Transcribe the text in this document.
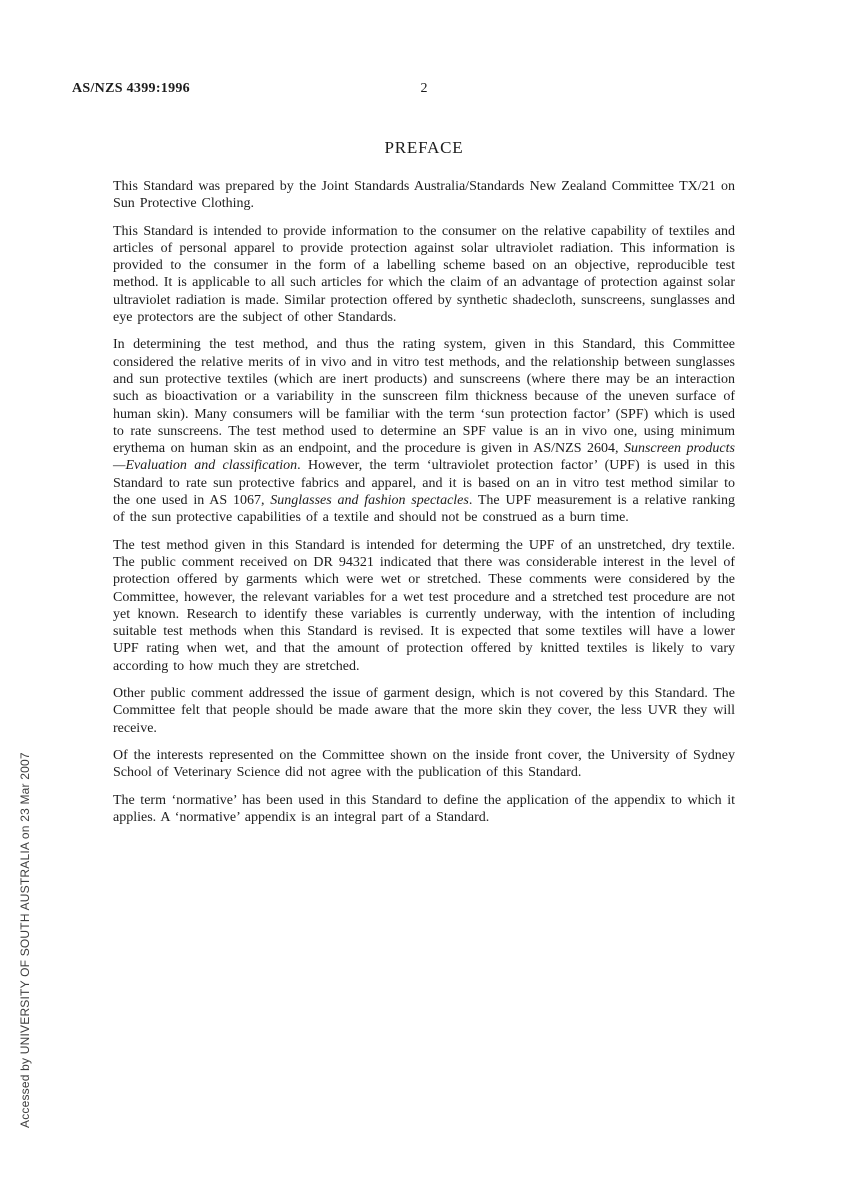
Accessed by UNIVERSITY OF SOUTH AUSTRALIA on 23 Mar 2007
AS/NZS 4399:1996	2
PREFACE

This Standard was prepared by the Joint Standards Australia/Standards New Zealand Committee TX/21 on Sun Protective Clothing.

This Standard is intended to provide information to the consumer on the relative capability of textiles and articles of personal apparel to provide protection against solar ultraviolet radiation. This information is provided to the consumer in the form of a labelling scheme based on an objective, reproducible test method. It is applicable to all such articles for which the claim of an advantage of protection against solar ultraviolet radiation is made. Similar protection offered by synthetic shadecloth, sunscreens, sunglasses and eye protectors are the subject of other Standards.

In determining the test method, and thus the rating system, given in this Standard, this Committee considered the relative merits of in vivo and in vitro test methods, and the relationship between sunglasses and sun protective textiles (which are inert products) and sunscreens (where there may be an interaction such as bioactivation or a variability in the sunscreen film thickness because of the uneven surface of human skin). Many consumers will be familiar with the term ‘sun protection factor’ (SPF) which is used to rate sunscreens. The test method used to determine an SPF value is an in vivo one, using minimum erythema on human skin as an endpoint, and the procedure is given in AS/NZS 2604, Sunscreen products—Evaluation and classification. However, the term ‘ultraviolet protection factor’ (UPF) is used in this Standard to rate sun protective fabrics and apparel, and it is based on an in vitro test method similar to the one used in AS 1067, Sunglasses and fashion spectacles. The UPF measurement is a relative ranking of the sun protective capabilities of a textile and should not be construed as a burn time.

The test method given in this Standard is intended for determing the UPF of an unstretched, dry textile. The public comment received on DR 94321 indicated that there was considerable interest in the level of protection offered by garments which were wet or stretched. These comments were considered by the Committee, however, the relevant variables for a wet test procedure and a stretched test procedure are not yet known. Research to identify these variables is currently underway, with the intention of including suitable test methods when this Standard is revised. It is expected that some textiles will have a lower UPF rating when wet, and that the amount of protection offered by knitted textiles is likely to vary according to how much they are stretched.

Other public comment addressed the issue of garment design, which is not covered by this Standard. The Committee felt that people should be made aware that the more skin they cover, the less UVR they will receive.

Of the interests represented on the Committee shown on the inside front cover, the University of Sydney School of Veterinary Science did not agree with the publication of this Standard.

The term ‘normative’ has been used in this Standard to define the application of the appendix to which it applies. A ‘normative’ appendix is an integral part of a Standard.
